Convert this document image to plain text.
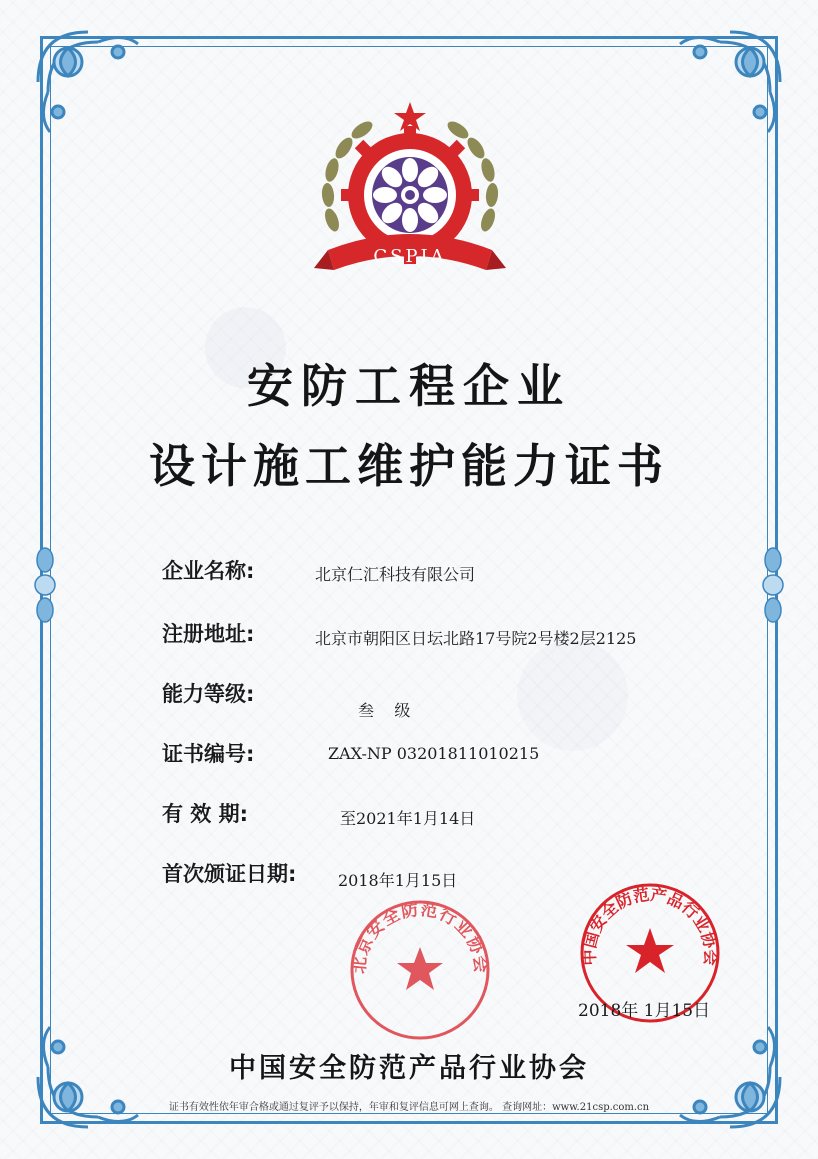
CSPIA
安防工程企业
设计施工维护能力证书
企业名称:	北京仁汇科技有限公司
注册地址:	北京市朝阳区日坛北路17号院2号楼2层2125
能力等级:
叁    级
证书编号:	ZAX-NP 03201811010215
有 效 期:	至2021年1月14日
首次颁证日期:	2018年1月15日
北京安全防范行业协会	中国安全防范产品行业协会
2018年 1月15日
中国安全防范产品行业协会
证书有效性依年审合格或通过复评予以保持，年审和复评信息可网上查询。 查询网址：www.21csp.com.cn
